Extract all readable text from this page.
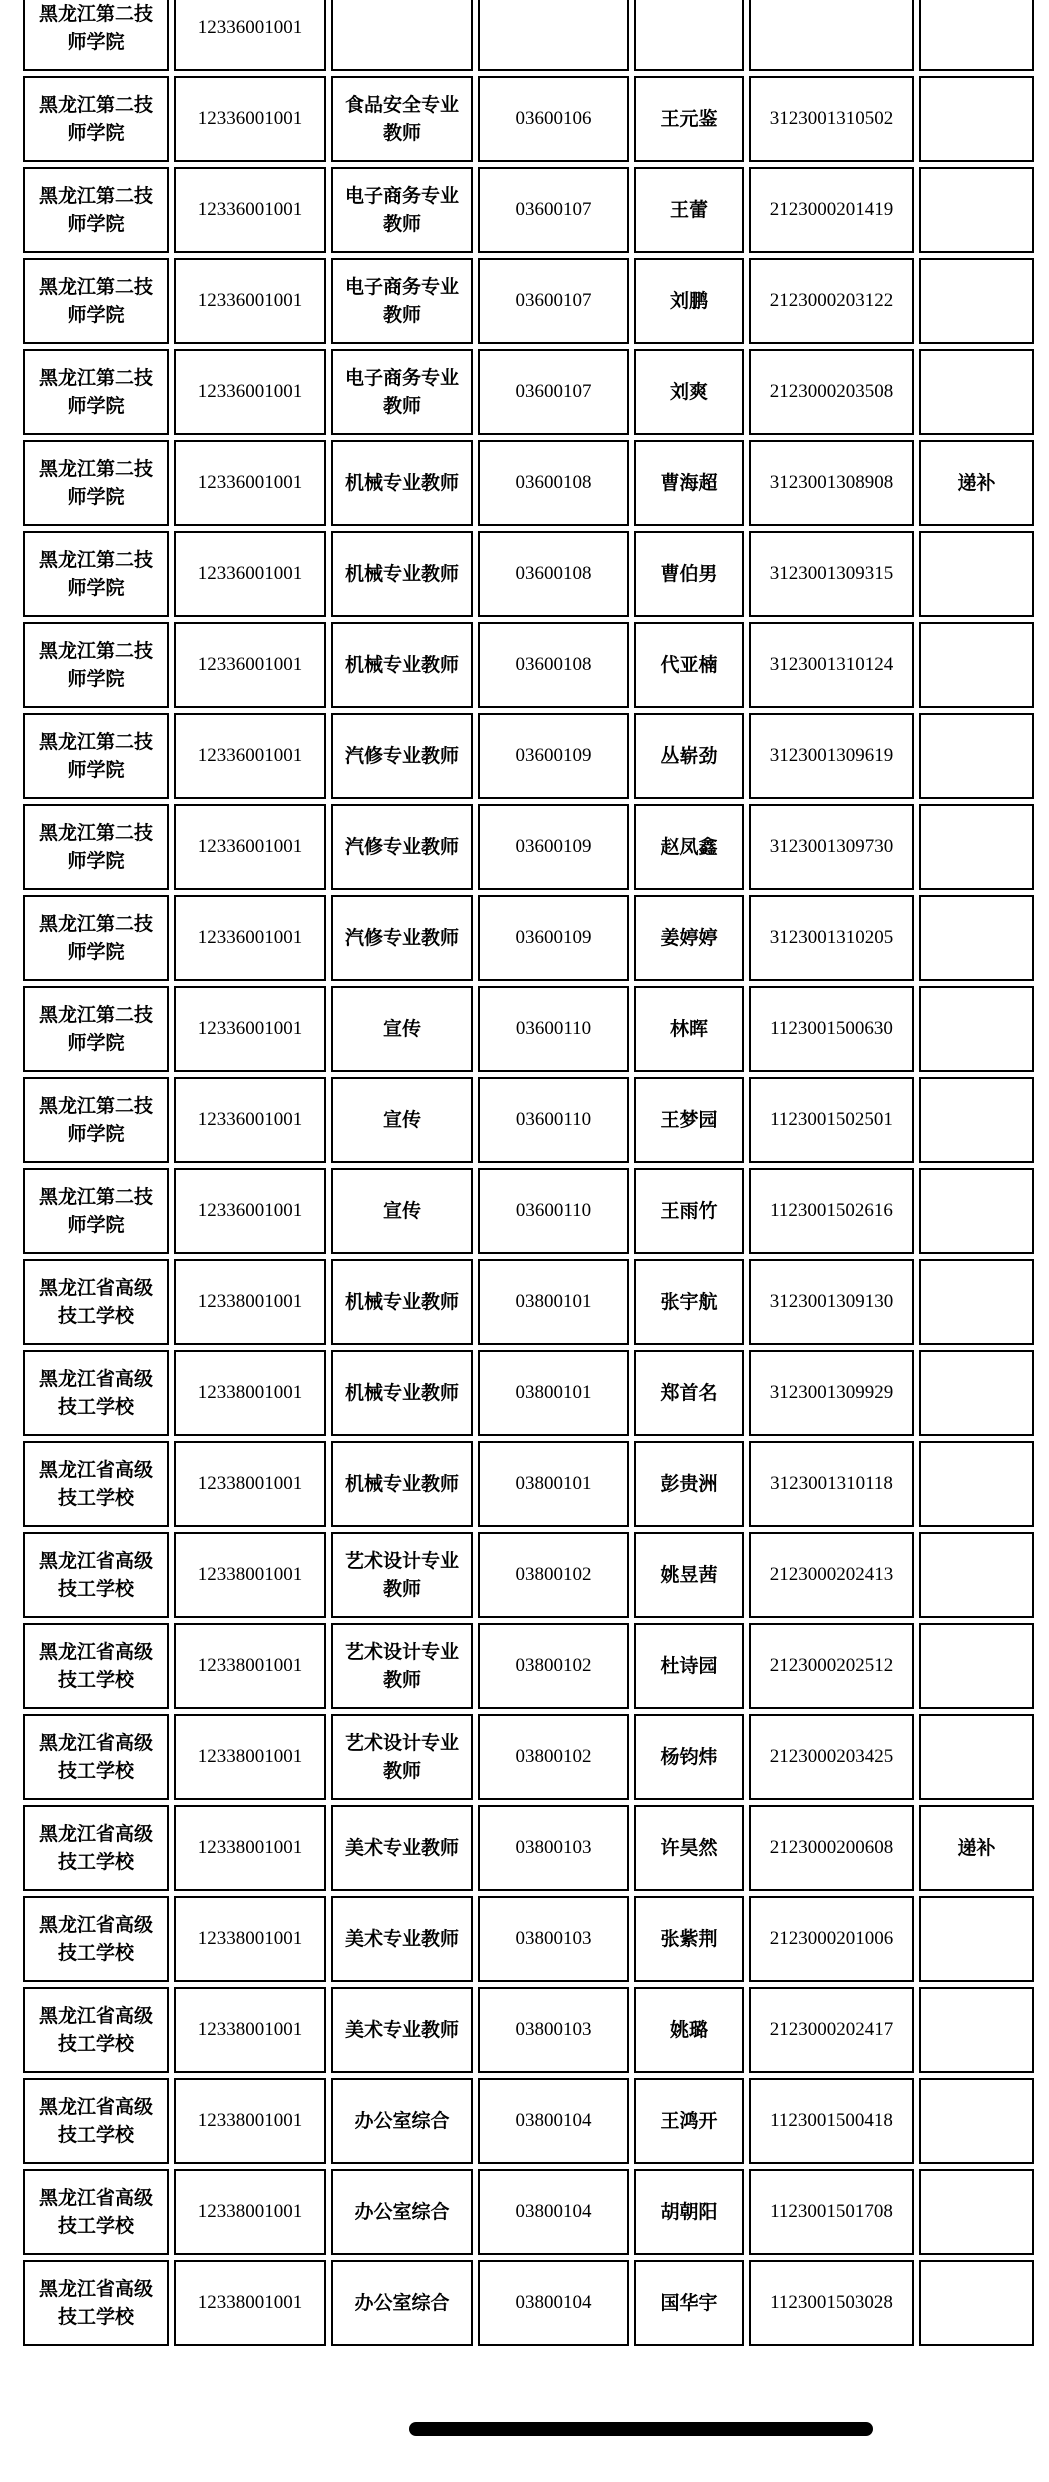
黑龙江第二技师学院	12336001001					
黑龙江第二技师学院	12336001001	食品安全专业教师	03600106	王元鉴	3123001310502	
黑龙江第二技师学院	12336001001	电子商务专业教师	03600107	王蕾	2123000201419	
黑龙江第二技师学院	12336001001	电子商务专业教师	03600107	刘鹏	2123000203122	
黑龙江第二技师学院	12336001001	电子商务专业教师	03600107	刘爽	2123000203508	
黑龙江第二技师学院	12336001001	机械专业教师	03600108	曹海超	3123001308908	递补
黑龙江第二技师学院	12336001001	机械专业教师	03600108	曹伯男	3123001309315	
黑龙江第二技师学院	12336001001	机械专业教师	03600108	代亚楠	3123001310124	
黑龙江第二技师学院	12336001001	汽修专业教师	03600109	丛崭劲	3123001309619	
黑龙江第二技师学院	12336001001	汽修专业教师	03600109	赵凤鑫	3123001309730	
黑龙江第二技师学院	12336001001	汽修专业教师	03600109	姜婷婷	3123001310205	
黑龙江第二技师学院	12336001001	宣传	03600110	林晖	1123001500630	
黑龙江第二技师学院	12336001001	宣传	03600110	王梦园	1123001502501	
黑龙江第二技师学院	12336001001	宣传	03600110	王雨竹	1123001502616	
黑龙江省高级技工学校	12338001001	机械专业教师	03800101	张宇航	3123001309130	
黑龙江省高级技工学校	12338001001	机械专业教师	03800101	郑首名	3123001309929	
黑龙江省高级技工学校	12338001001	机械专业教师	03800101	彭贵洲	3123001310118	
黑龙江省高级技工学校	12338001001	艺术设计专业教师	03800102	姚昱茜	2123000202413	
黑龙江省高级技工学校	12338001001	艺术设计专业教师	03800102	杜诗园	2123000202512	
黑龙江省高级技工学校	12338001001	艺术设计专业教师	03800102	杨钧炜	2123000203425	
黑龙江省高级技工学校	12338001001	美术专业教师	03800103	许昊然	2123000200608	递补
黑龙江省高级技工学校	12338001001	美术专业教师	03800103	张紫荆	2123000201006	
黑龙江省高级技工学校	12338001001	美术专业教师	03800103	姚璐	2123000202417	
黑龙江省高级技工学校	12338001001	办公室综合	03800104	王鸿开	1123001500418	
黑龙江省高级技工学校	12338001001	办公室综合	03800104	胡朝阳	1123001501708	
黑龙江省高级技工学校	12338001001	办公室综合	03800104	国华宇	1123001503028	
